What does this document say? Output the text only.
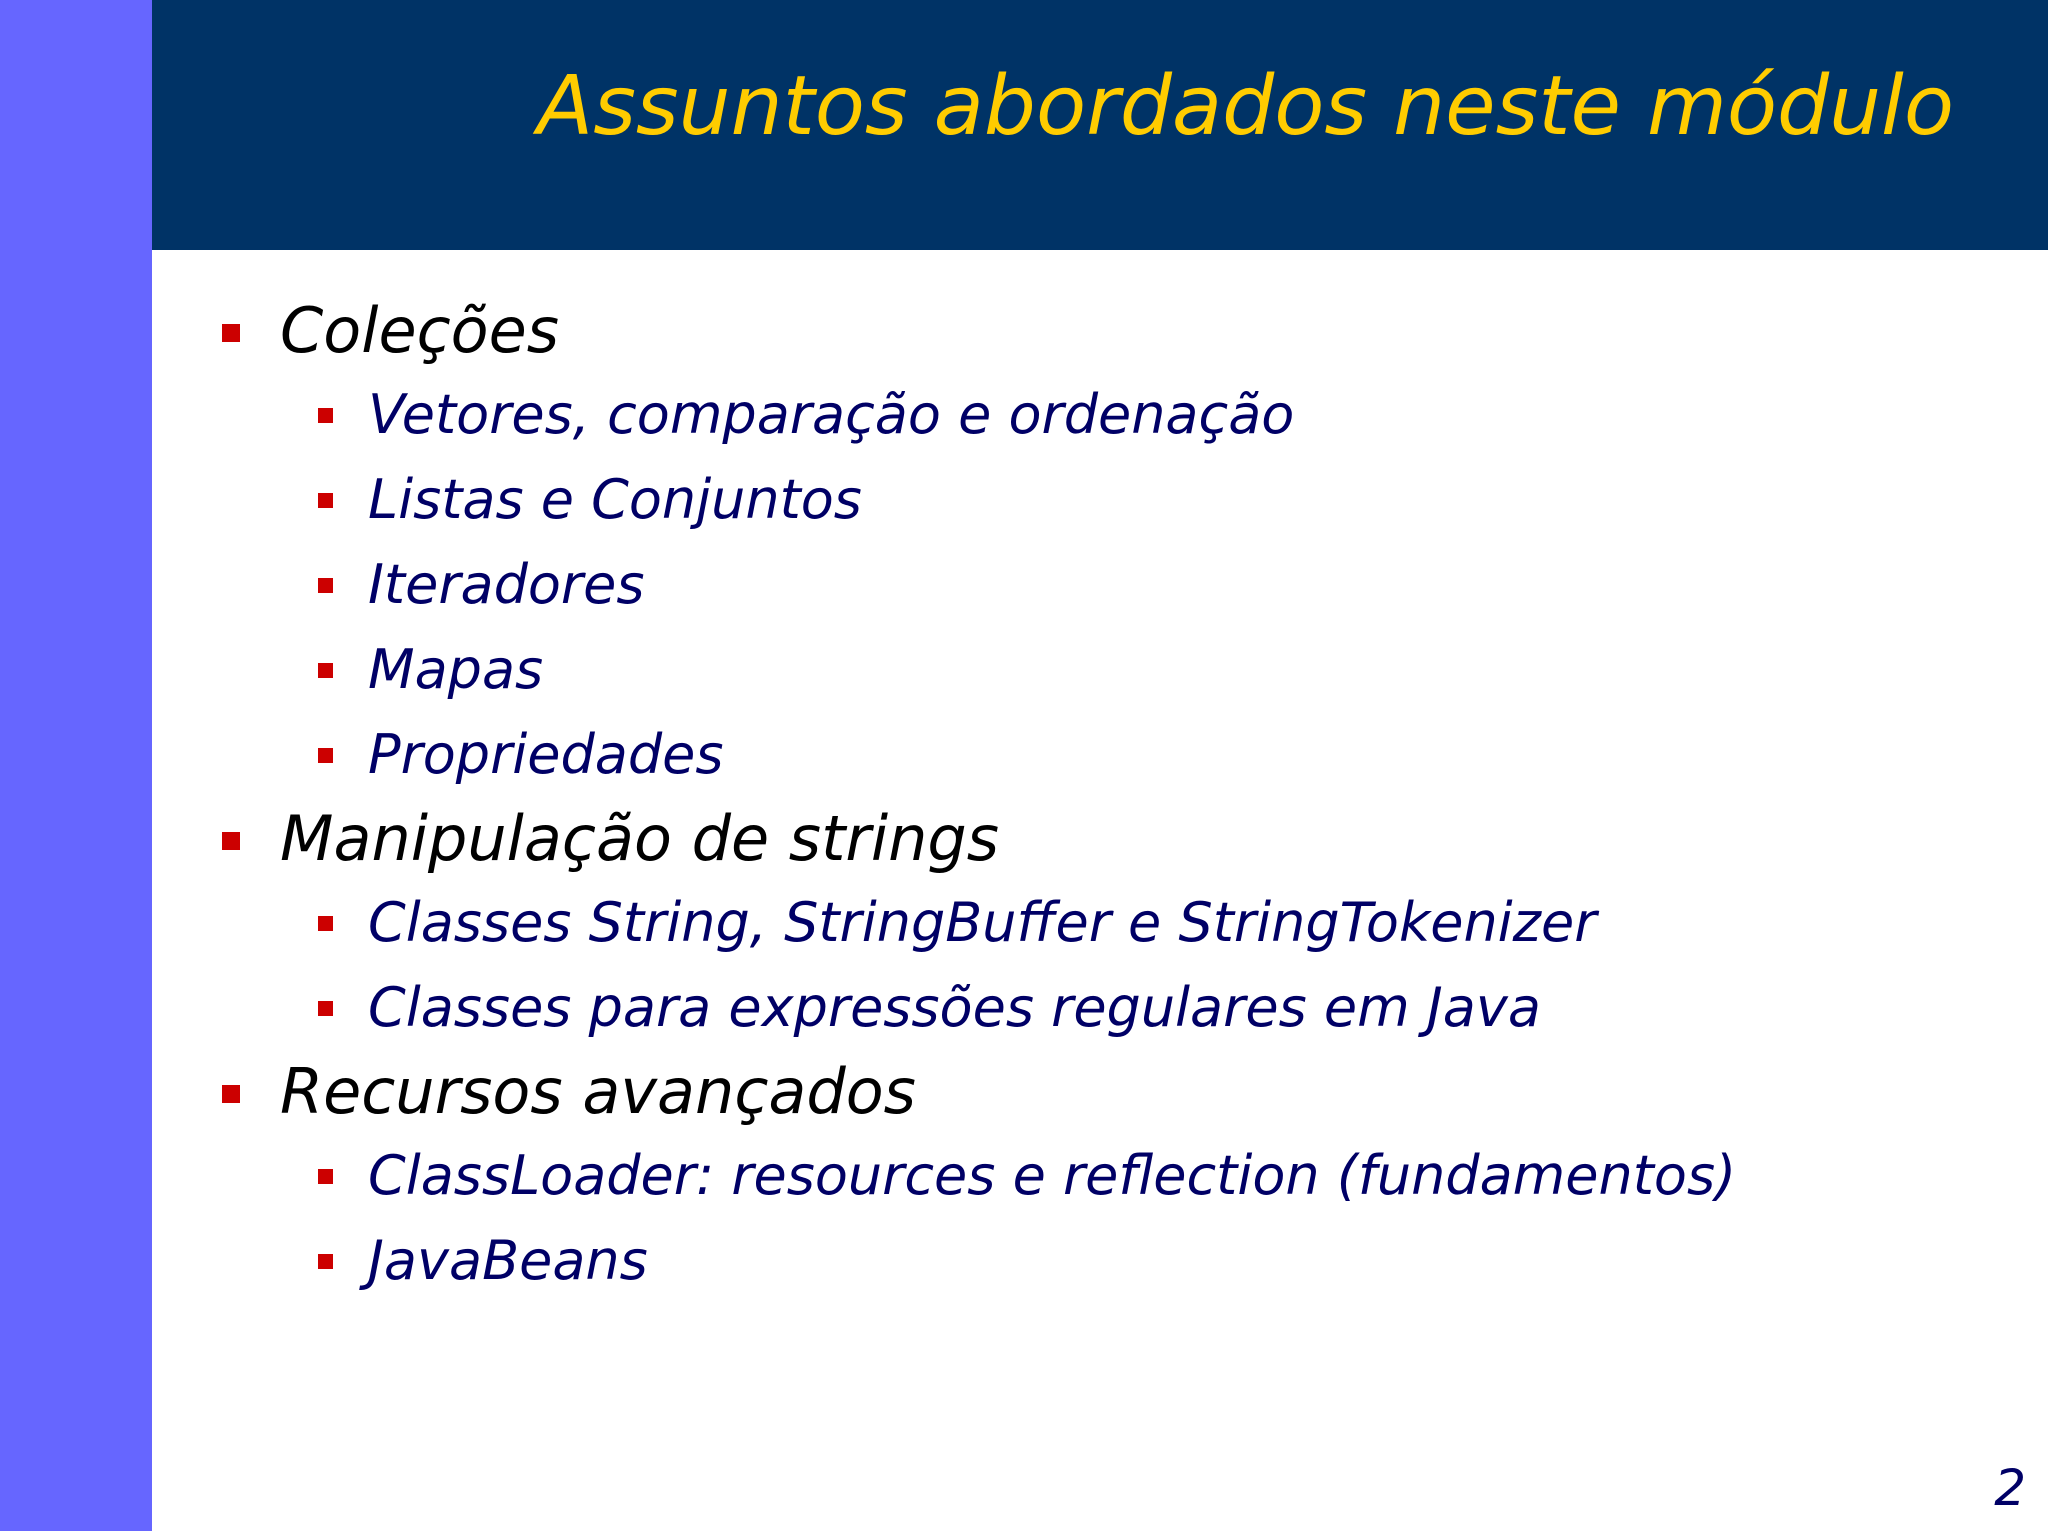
Assuntos abordados neste módulo
Coleções
Vetores, comparação e ordenação
Listas e Conjuntos
Iteradores
Mapas
Propriedades
Manipulação de strings
Classes String, StringBuffer e StringTokenizer
Classes para expressões regulares em Java
Recursos avançados
ClassLoader: resources e reflection (fundamentos)
JavaBeans
2
